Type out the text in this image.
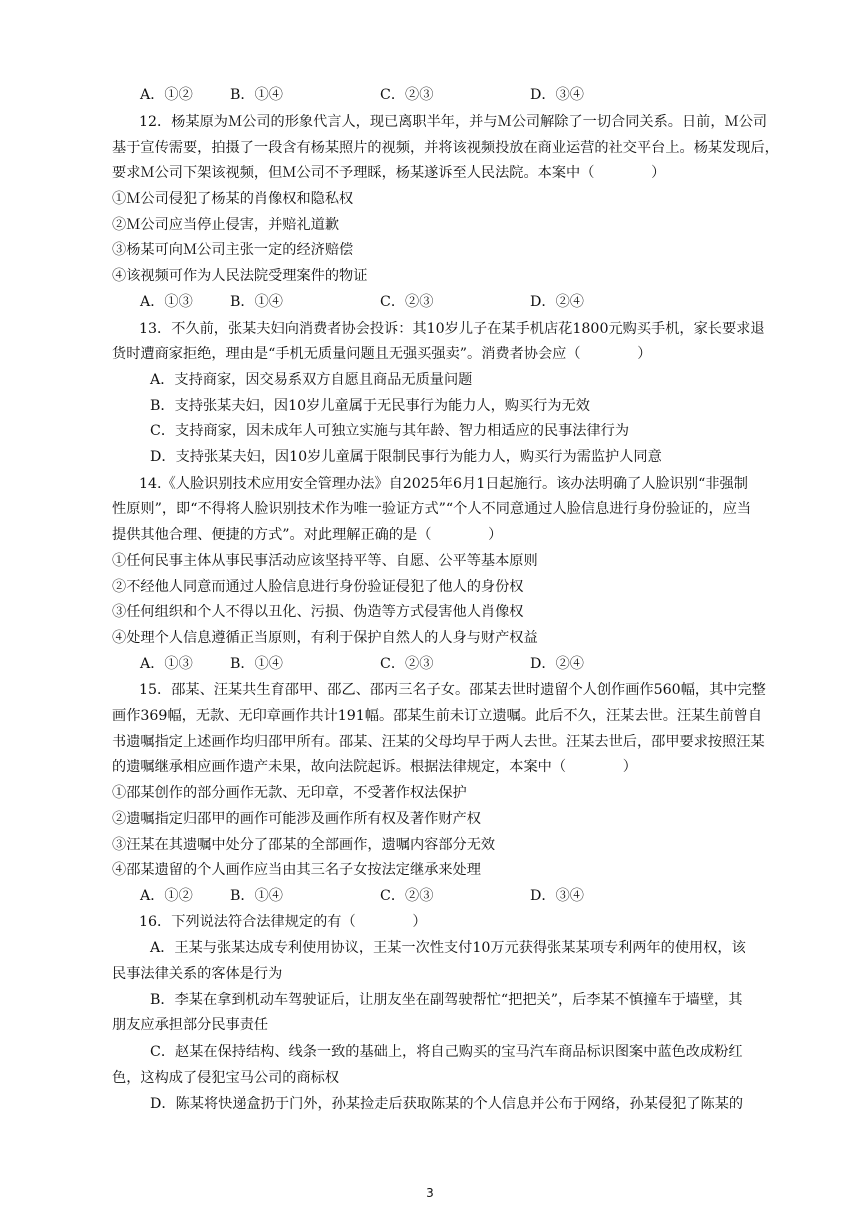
A．①②	B．①④	C．②③	D．③④
12．杨某原为Ｍ公司的形象代言人，现已离职半年，并与Ｍ公司解除了一切合同关系。日前，Ｍ公司
基于宣传需要，拍摄了一段含有杨某照片的视频，并将该视频投放在商业运营的社交平台上。杨某发现后，
要求Ｍ公司下架该视频，但Ｍ公司不予理睬，杨某遂诉至人民法院。本案中（　　　　）
①Ｍ公司侵犯了杨某的肖像权和隐私权
②Ｍ公司应当停止侵害，并赔礼道歉
③杨某可向Ｍ公司主张一定的经济赔偿
④该视频可作为人民法院受理案件的物证
A．①③	B．①④	C．②③	D．②④
13．不久前，张某夫妇向消费者协会投诉：其10岁儿子在某手机店花1800元购买手机，家长要求退
货时遭商家拒绝，理由是“手机无质量问题且无强买强卖”。消费者协会应（　　　　）
A．支持商家，因交易系双方自愿且商品无质量问题
B．支持张某夫妇，因10岁儿童属于无民事行为能力人，购买行为无效
C．支持商家，因未成年人可独立实施与其年龄、智力相适应的民事法律行为
D．支持张某夫妇，因10岁儿童属于限制民事行为能力人，购买行为需监护人同意
14.《人脸识别技术应用安全管理办法》自2025年6月1日起施行。该办法明确了人脸识别“非强制
性原则”，即“不得将人脸识别技术作为唯一验证方式”“个人不同意通过人脸信息进行身份验证的，应当
提供其他合理、便捷的方式”。对此理解正确的是（　　　　）
①任何民事主体从事民事活动应该坚持平等、自愿、公平等基本原则
②不经他人同意而通过人脸信息进行身份验证侵犯了他人的身份权
③任何组织和个人不得以丑化、污损、伪造等方式侵害他人肖像权
④处理个人信息遵循正当原则，有利于保护自然人的人身与财产权益
A．①③	B．①④	C．②③	D．②④
15．邵某、汪某共生育邵甲、邵乙、邵丙三名子女。邵某去世时遗留个人创作画作560幅，其中完整
画作369幅，无款、无印章画作共计191幅。邵某生前未订立遗嘱。此后不久，汪某去世。汪某生前曾自
书遗嘱指定上述画作均归邵甲所有。邵某、汪某的父母均早于两人去世。汪某去世后，邵甲要求按照汪某
的遗嘱继承相应画作遗产未果，故向法院起诉。根据法律规定，本案中（　　　　）
①邵某创作的部分画作无款、无印章，不受著作权法保护
②遗嘱指定归邵甲的画作可能涉及画作所有权及著作财产权
③汪某在其遗嘱中处分了邵某的全部画作，遗嘱内容部分无效
④邵某遗留的个人画作应当由其三名子女按法定继承来处理
A．①②	B．①④	C．②③	D．③④
16．下列说法符合法律规定的有（　　　　）
A．王某与张某达成专利使用协议，王某一次性支付10万元获得张某某项专利两年的使用权，该
民事法律关系的客体是行为
B．李某在拿到机动车驾驶证后，让朋友坐在副驾驶帮忙“把把关”，后李某不慎撞车于墙壁，其
朋友应承担部分民事责任
C．赵某在保持结构、线条一致的基础上，将自己购买的宝马汽车商品标识图案中蓝色改成粉红
色，这构成了侵犯宝马公司的商标权
D．陈某将快递盒扔于门外，孙某捡走后获取陈某的个人信息并公布于网络，孙某侵犯了陈某的
3
